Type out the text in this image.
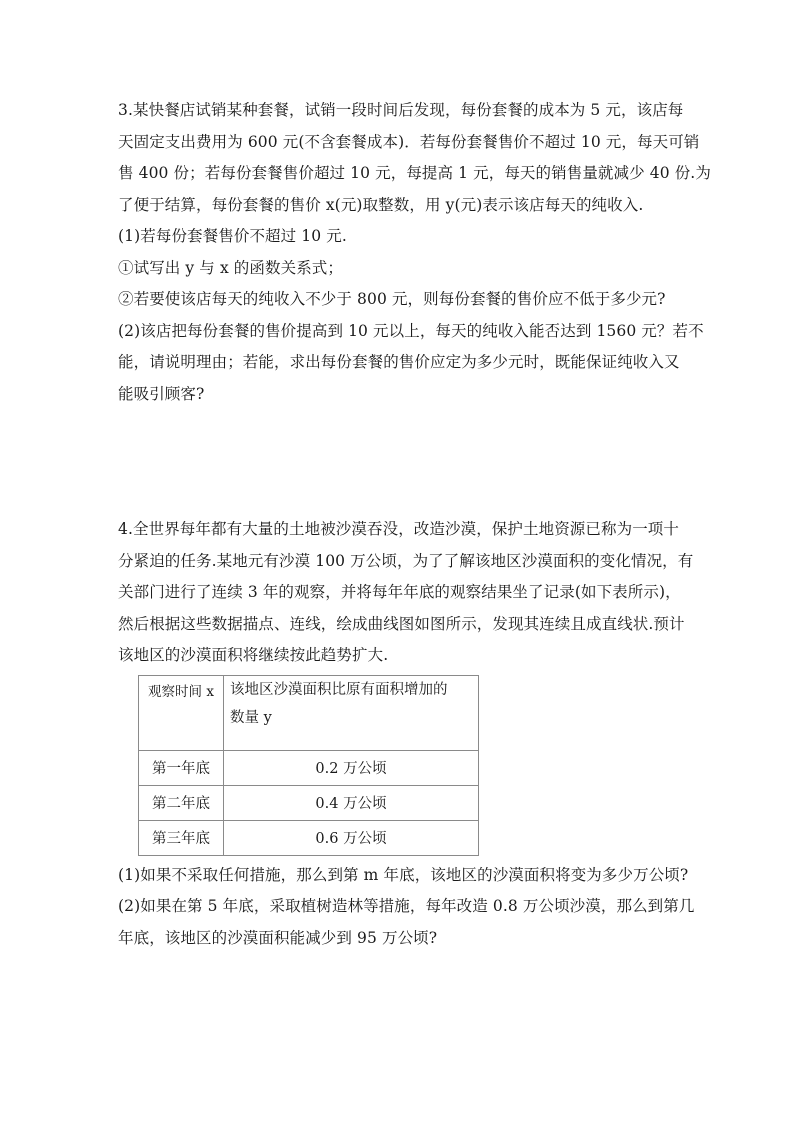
3.某快餐店试销某种套餐，试销一段时间后发现，每份套餐的成本为 5 元，该店每
天固定支出费用为 600 元(不含套餐成本)．若每份套餐售价不超过 10 元，每天可销
售 400 份；若每份套餐售价超过 10 元，每提高 1 元，每天的销售量就减少 40 份.为
了便于结算，每份套餐的售价 x(元)取整数，用 y(元)表示该店每天的纯收入.
(1)若每份套餐售价不超过 10 元.
①试写出 y 与 x 的函数关系式；
②若要使该店每天的纯收入不少于 800 元，则每份套餐的售价应不低于多少元?
(2)该店把每份套餐的售价提高到 10 元以上，每天的纯收入能否达到 1560 元？若不
能，请说明理由；若能，求出每份套餐的售价应定为多少元时，既能保证纯收入又
能吸引顾客?
4.全世界每年都有大量的土地被沙漠吞没，改造沙漠，保护土地资源已称为一项十
分紧迫的任务.某地元有沙漠 100 万公顷，为了了解该地区沙漠面积的变化情况，有
关部门进行了连续 3 年的观察，并将每年年底的观察结果坐了记录(如下表所示)，
然后根据这些数据描点、连线，绘成曲线图如图所示，发现其连续且成直线状.预计
该地区的沙漠面积将继续按此趋势扩大.
观察时间 x	该地区沙漠面积比原有面积增加的
数量 y

第一年底	0.2 万公顷
第二年底	0.4 万公顷
第三年底	0.6 万公顷
(1)如果不采取任何措施，那么到第 m 年底，该地区的沙漠面积将变为多少万公顷?
(2)如果在第 5 年底，采取植树造林等措施，每年改造 0.8 万公顷沙漠，那么到第几
年底，该地区的沙漠面积能减少到 95 万公顷?
